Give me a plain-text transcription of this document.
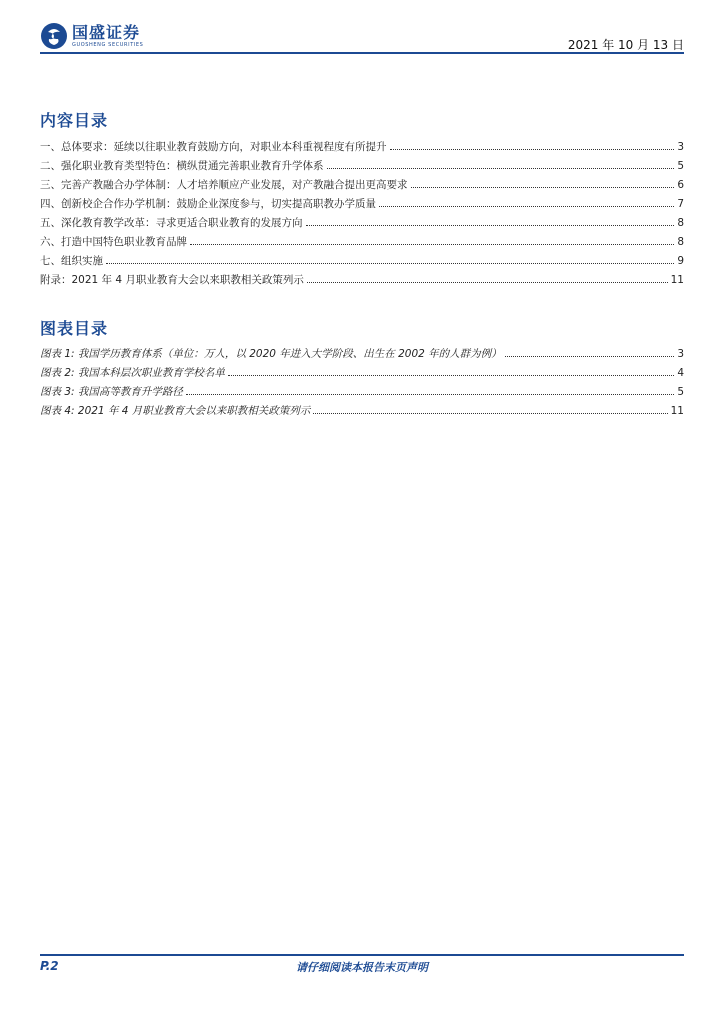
国盛证券
GUOSHENG SECURITIES	2021 年 10 月 13 日
内容目录
一、总体要求：延续以往职业教育鼓励方向，对职业本科重视程度有所提升	3
二、强化职业教育类型特色：横纵贯通完善职业教育升学体系	5
三、完善产教融合办学体制：人才培养顺应产业发展，对产教融合提出更高要求	6
四、创新校企合作办学机制：鼓励企业深度参与，切实提高职教办学质量	7
五、深化教育教学改革：寻求更适合职业教育的发展方向	8
六、打造中国特色职业教育品牌	8
七、组织实施	9
附录：2021 年 4 月职业教育大会以来职教相关政策列示	11
图表目录
图表 1: 我国学历教育体系（单位：万人，以 2020 年进入大学阶段、出生在 2002 年的人群为例）	3
图表 2: 我国本科层次职业教育学校名单	4
图表 3: 我国高等教育升学路径	5
图表 4: 2021 年 4 月职业教育大会以来职教相关政策列示	11
请仔细阅读本报告末页声明
P.2
